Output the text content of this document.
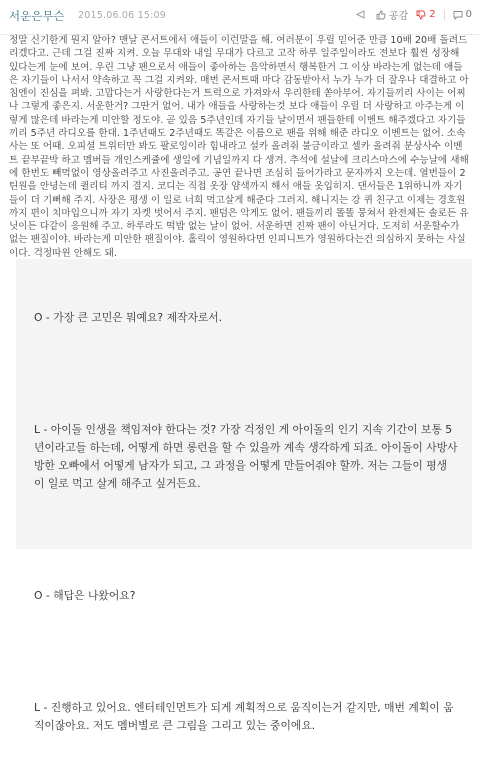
서운은무슨 2015.06.06 15:09	공감 2	0
정말 신기한게 뭔지 알아? 맨날 콘서트에서 애들이 이런말을 해. 여러분이 우릴 믿어준 만큼 10배 20배 돌려드리겠다고. 근데 그걸 진짜 지켜. 오늘 무대와 내일 무대가 다르고 고작 하루 일주일이라도 전보다 훨씬 성장해 있다는게 눈에 보여. 우린 그냥 팬으로서 애들이 좋아하는 음악하면서 행복한거 그 이상 바라는게 없는데 애들은 자기들이 나서서 약속하고 꼭 그걸 지켜와. 매번 콘서트때 마다 감동받아서 누가 누가 더 잘우나 대결하고 아침엔이 진심을 펴봐. 고맙다는거 사랑한다는거 트럭으로 가져와서 우리한테 쏟아부어. 자기들끼리 사이는 어찌나 그렇게 좋은지. 서운한거? 그딴거 없어. 내가 애들을 사랑하는것 보다 애들이 우릴 더 사랑하고 아주는게 이렇게 많은데 바라는게 미안할 정도야. 곧 있음 5주년인데 자기들 날이면서 팬들한테 이벤트 해주겠다고 자기들끼리 5주년 라디오를 한대. 1주년때도 2주년때도 똑같은 이름으로 팬을 위해 해준 라디오 이벤트는 없어. 소속사는 또 어때. 오피셜 트위터만 봐도 팔로잉이라 힘내라고 설카 올려줘 불금이라고 셀카 올려줘 분상사수 이벤트 끝부끝박 하고 멤버들 개인스케쥴에 생일에 기념일까지 다 생겨. 추석에 설날에 크리스마스에 수능날에 새해에 한번도 빼먹없이 영상올려주고 사진올려주고. 공연 끝나면 조심히 들어가라고 문자까지 오는데. 열번들이 2틴원을 안녕는데 퀼리티 까지 결지. 코디는 직접 옷장 얌색까지 해서 애들 옷입히지. 댄서들은 1위하니까 자기들이 더 기뻐해 주지. 사장은 평생 이 일로 너희 먹고살게 해준다 그러지. 해니지는 강 퀴 친구고 이제는 경호원까지 편이 치마입으니까 자기 자켓 벗어서 주지. 팬덤은 악게도 없어. 팬들끼리 똘똘 뭉쳐서 완전체든 솔로든 유닛이든 다같이 응원해 주고. 하루라도 떡밥 없는 날이 없어. 서운하면 진짜 팬이 아닌거다. 도저히 서운할수가 없는 팬질이야. 바라는게 미안한 팬질이야. 홀릭이 영원하다면 인피니트가 영원하다는건 의심하지 못하는 사실이다. 걱정따윈 안해도 돼.

O - 가장 큰 고민은 뭐예요? 제작자로서.

L - 아이돌 인생을 책임져야 한다는 것? 가장 걱정인 게 아이돌의 인기 지속 기간이 보통 5년이라고들 하는데, 어떻게 하면 롱런을 할 수 있을까 계속 생각하게 되죠. 아이돌이 사방사방한 오빠에서 어떻게 남자가 되고, 그 과정을 어떻게 만들어줘야 할까. 저는 그들이 평생 이 일로 먹고 살게 해주고 싶거든요.

O - 해답은 나왔어요?

L - 진행하고 있어요. 엔터테인먼트가 되게 계획적으로 움직이는거 같지만, 매번 계획이 움직이잖아요. 저도 멤버별로 큰 그림을 그리고 있는 중이에요.
